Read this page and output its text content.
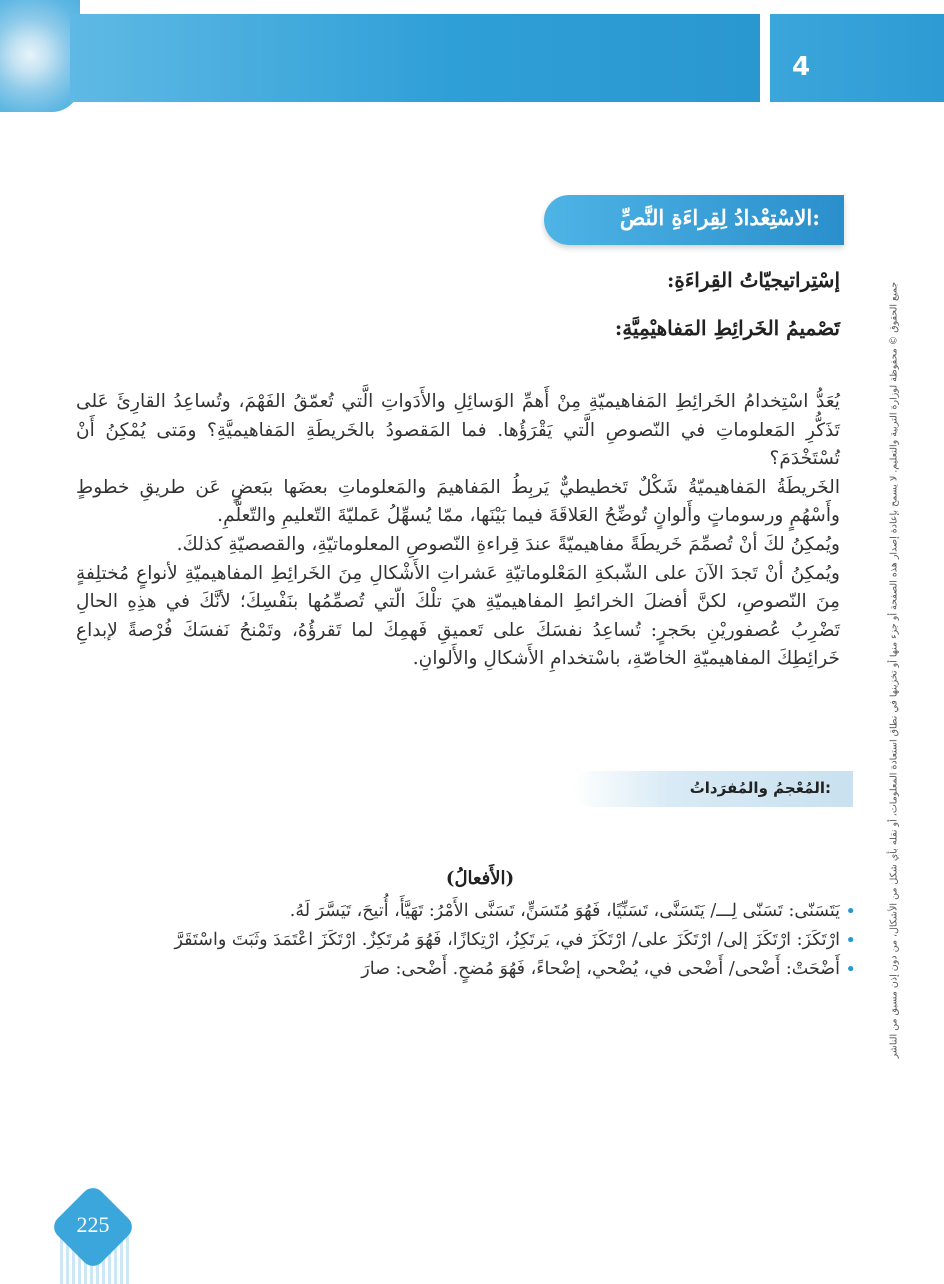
4
الاسْتِعْدادُ لِقِراءَةِ النَّصِّ:
إسْتِراتيجيّاتُ القِراءَةِ:
تَصْميمُ الخَرائِطِ المَفاهيْمِيَّةِ:

يُعَدُّ اسْتِخدامُ الخَرائِطِ المَفاهيميّةِ مِنْ أَهمِّ الوَسائِلِ والأَدَواتِ الَّتي تُعمّقُ الفَهْمَ، وتُساعِدُ القارِئَ عَلى تَذَكُّرِ المَعلوماتِ في النّصوصِ الَّتي يَقْرَؤُها. فما المَقصودُ بالخَريطَةِ المَفاهيميَّةِ؟ ومَتى يُمْكِنُ أَنْ تُسْتَخْدَمَ؟

الخَريطَةُ المَفاهيميّةُ شَكْلٌ تَخطيطيٌّ يَربِطُ المَفاهيمَ والمَعلوماتِ بعضَها ببَعضٍ عَن طريقِ خطوطٍ وأَسْهُمٍ ورسوماتٍ وأَلوانٍ تُوضِّحُ العَلاقَةَ فيما بَيْنَها، ممّا يُسهِّلُ عَمليّةَ التّعليمِ والتّعلُّمِ.

ويُمكِنُ لكَ أنْ تُصمِّمَ خَريطَةً مفاهيميّةً عندَ قِراءةِ النّصوصِ المعلوماتيّةِ، والقصصيّةِ كذلكَ.

ويُمكِنُ أنْ تَجدَ الآنَ على الشّبكةِ المَعْلوماتيّةِ عَشراتِ الأَشْكالِ مِنَ الخَرائِطِ المفاهيميّةِ لأنواعٍ مُختلِفةٍ مِنَ النّصوصِ، لكنَّ أفضلَ الخرائطِ المفاهيميّةِ هيَ تلْكَ الّتي تُصمِّمُها بنَفْسِكَ؛ لأنَّكَ في هذِهِ الحالِ تَضْرِبُ عُصفوريْنِ بحَجرٍ: تُساعِدُ نفسَكَ على تَعميقِ فَهمِكَ لما تَقرؤُهُ، وتَمْنحُ نَفسَكَ فُرْصةً لإبداعِ خَرائِطِكَ المفاهيميّةِ الخاصّةِ، باسْتخدامِ الأَشكالِ والأَلوانِ.

المُعْجمُ والمُفرَداتُ:
(الأَفعالُ)
• يَتَسَنّى: تَسَنّى لِـــ/ يَتَسَنَّى، تَسَنِّيًا، فَهُوَ مُتَسَنٍّ، تَسَنَّى الأَمْرُ: تَهَيَّأَ، أُتيحَ، تَيَسَّرَ لَهُ.
• ارْتَكَزَ: ارْتَكَزَ إلى/ ارْتَكَزَ على/ ارْتَكَزَ في، يَرتَكِزُ، ارْتِكازًا، فَهُوَ مُرتَكِزٌ. ارْتَكَزَ اعْتَمَدَ وثَبَتَ واسْتَقَرَّ
• أَضْحَتْ: أَضْحى/ أَضْحى في، يُضْحي، إضْحاءً، فَهُوَ مُضحٍ. أَضْحى: صارَ	جميع الحقوق © محفوظة لوزارة التربية والتعليم. لا يسمح بإعادة إصدار هذه الصفحة أو جزء منها أو تخزينها في نطاق استعادة المعلومات، أو نقله بأي شكل من الأشكال، من دون إذن مسبق من الناشر
225
